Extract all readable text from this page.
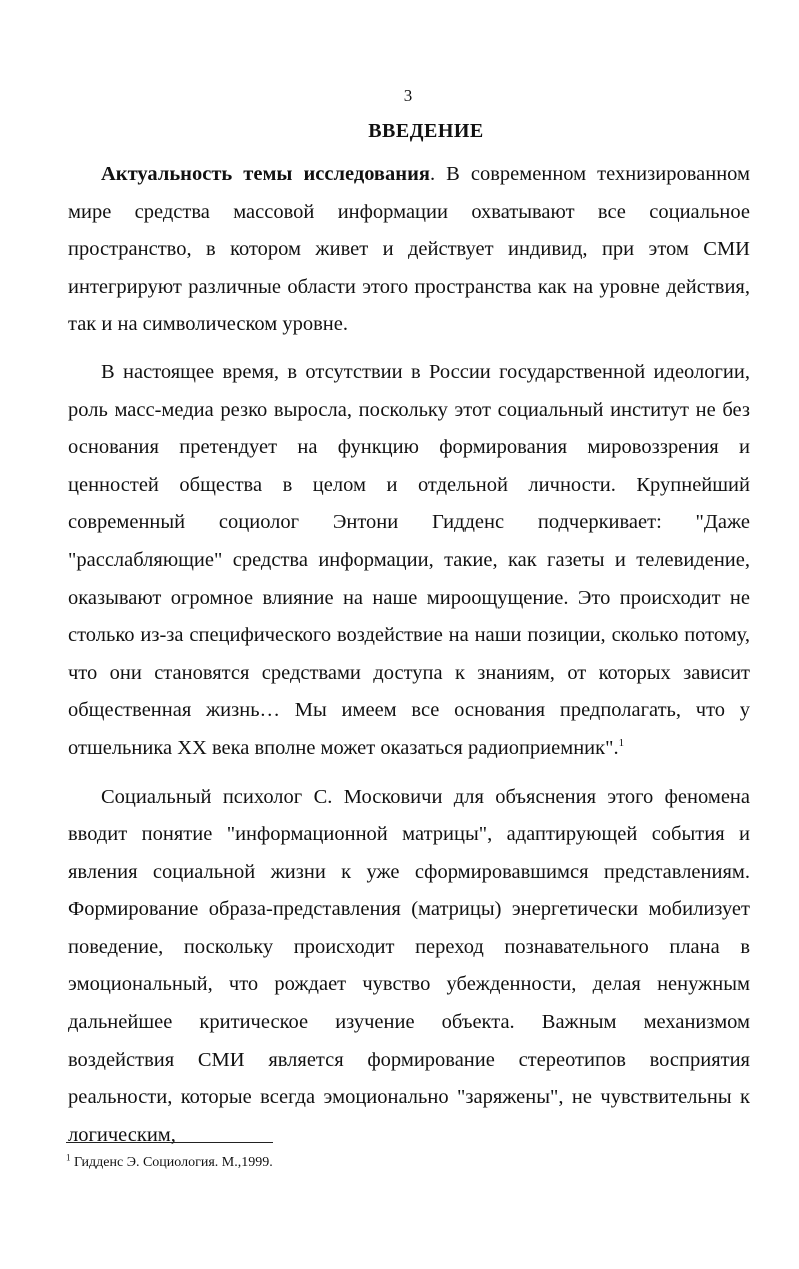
3
ВВЕДЕНИЕ

Актуальность темы исследования. В современном технизированном мире средства массовой информации охватывают все социальное пространство, в котором живет и действует индивид, при этом СМИ интегрируют различные области этого пространства как на уровне действия, так и на символическом уровне.

В настоящее время, в отсутствии в России государственной идеологии, роль масс-медиа резко выросла, поскольку этот социальный институт не без основания претендует на функцию формирования мировоззрения и ценностей общества в целом и отдельной личности. Крупнейший современный социолог Энтони Гидденс подчеркивает: "Даже "расслабляющие" средства информации, такие, как газеты и телевидение, оказывают огромное влияние на наше мироощущение. Это происходит не столько из-за специфического воздействие на наши позиции, сколько потому, что они становятся средствами доступа к знаниям, от которых зависит общественная жизнь… Мы имеем все основания предполагать, что у отшельника ХХ века вполне может оказаться радиоприемник".$^1$

Социальный психолог С. Московичи для объяснения этого феномена вводит понятие "информационной матрицы", адаптирующей события и явления социальной жизни к уже сформировавшимся представлениям. Формирование образа-представления (матрицы) энергетически мобилизует поведение, поскольку происходит переход познавательного плана в эмоциональный, что рождает чувство убежденности, делая ненужным дальнейшее критическое изучение объекта. Важным механизмом воздействия СМИ является формирование стереотипов восприятия реальности, которые всегда эмоционально "заряжены", не чувствительны к логическим,

$^1$ Гидденс Э. Социология. М.,1999.
